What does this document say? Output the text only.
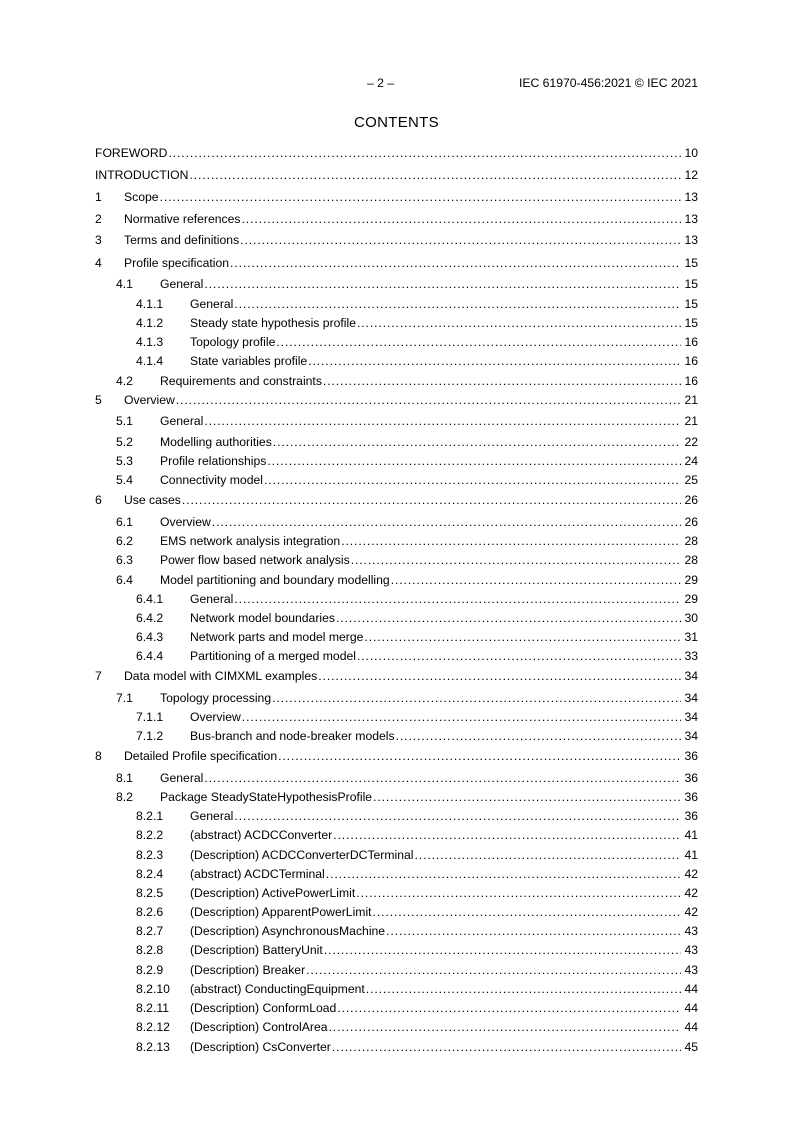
– 2 –	IEC 61970-456:2021 © IEC 2021
CONTENTS
FOREWORD .....	10
INTRODUCTION .....	12
1	Scope .....	13
2	Normative references .....	13
3	Terms and definitions .....	13
4	Profile specification .....	15
4.1	General .....	15
4.1.1	General .....	15
4.1.2	Steady state hypothesis profile .....	15
4.1.3	Topology profile .....	16
4.1.4	State variables profile .....	16
4.2	Requirements and constraints .....	16
5	Overview .....	21
5.1	General .....	21
5.2	Modelling authorities .....	22
5.3	Profile relationships .....	24
5.4	Connectivity model .....	25
6	Use cases .....	26
6.1	Overview .....	26
6.2	EMS network analysis integration .....	28
6.3	Power flow based network analysis .....	28
6.4	Model partitioning and boundary modelling .....	29
6.4.1	General .....	29
6.4.2	Network model boundaries .....	30
6.4.3	Network parts and model merge .....	31
6.4.4	Partitioning of a merged model .....	33
7	Data model with CIMXML examples .....	34
7.1	Topology processing .....	34
7.1.1	Overview .....	34
7.1.2	Bus-branch and node-breaker models .....	34
8	Detailed Profile specification .....	36
8.1	General .....	36
8.2	Package SteadyStateHypothesisProfile .....	36
8.2.1	General .....	36
8.2.2	(abstract) ACDCConverter .....	41
8.2.3	(Description) ACDCConverterDCTerminal .....	41
8.2.4	(abstract) ACDCTerminal .....	42
8.2.5	(Description) ActivePowerLimit .....	42
8.2.6	(Description) ApparentPowerLimit .....	42
8.2.7	(Description) AsynchronousMachine .....	43
8.2.8	(Description) BatteryUnit .....	43
8.2.9	(Description) Breaker .....	43
8.2.10	(abstract) ConductingEquipment .....	44
8.2.11	(Description) ConformLoad .....	44
8.2.12	(Description) ControlArea .....	44
8.2.13	(Description) CsConverter .....	45
